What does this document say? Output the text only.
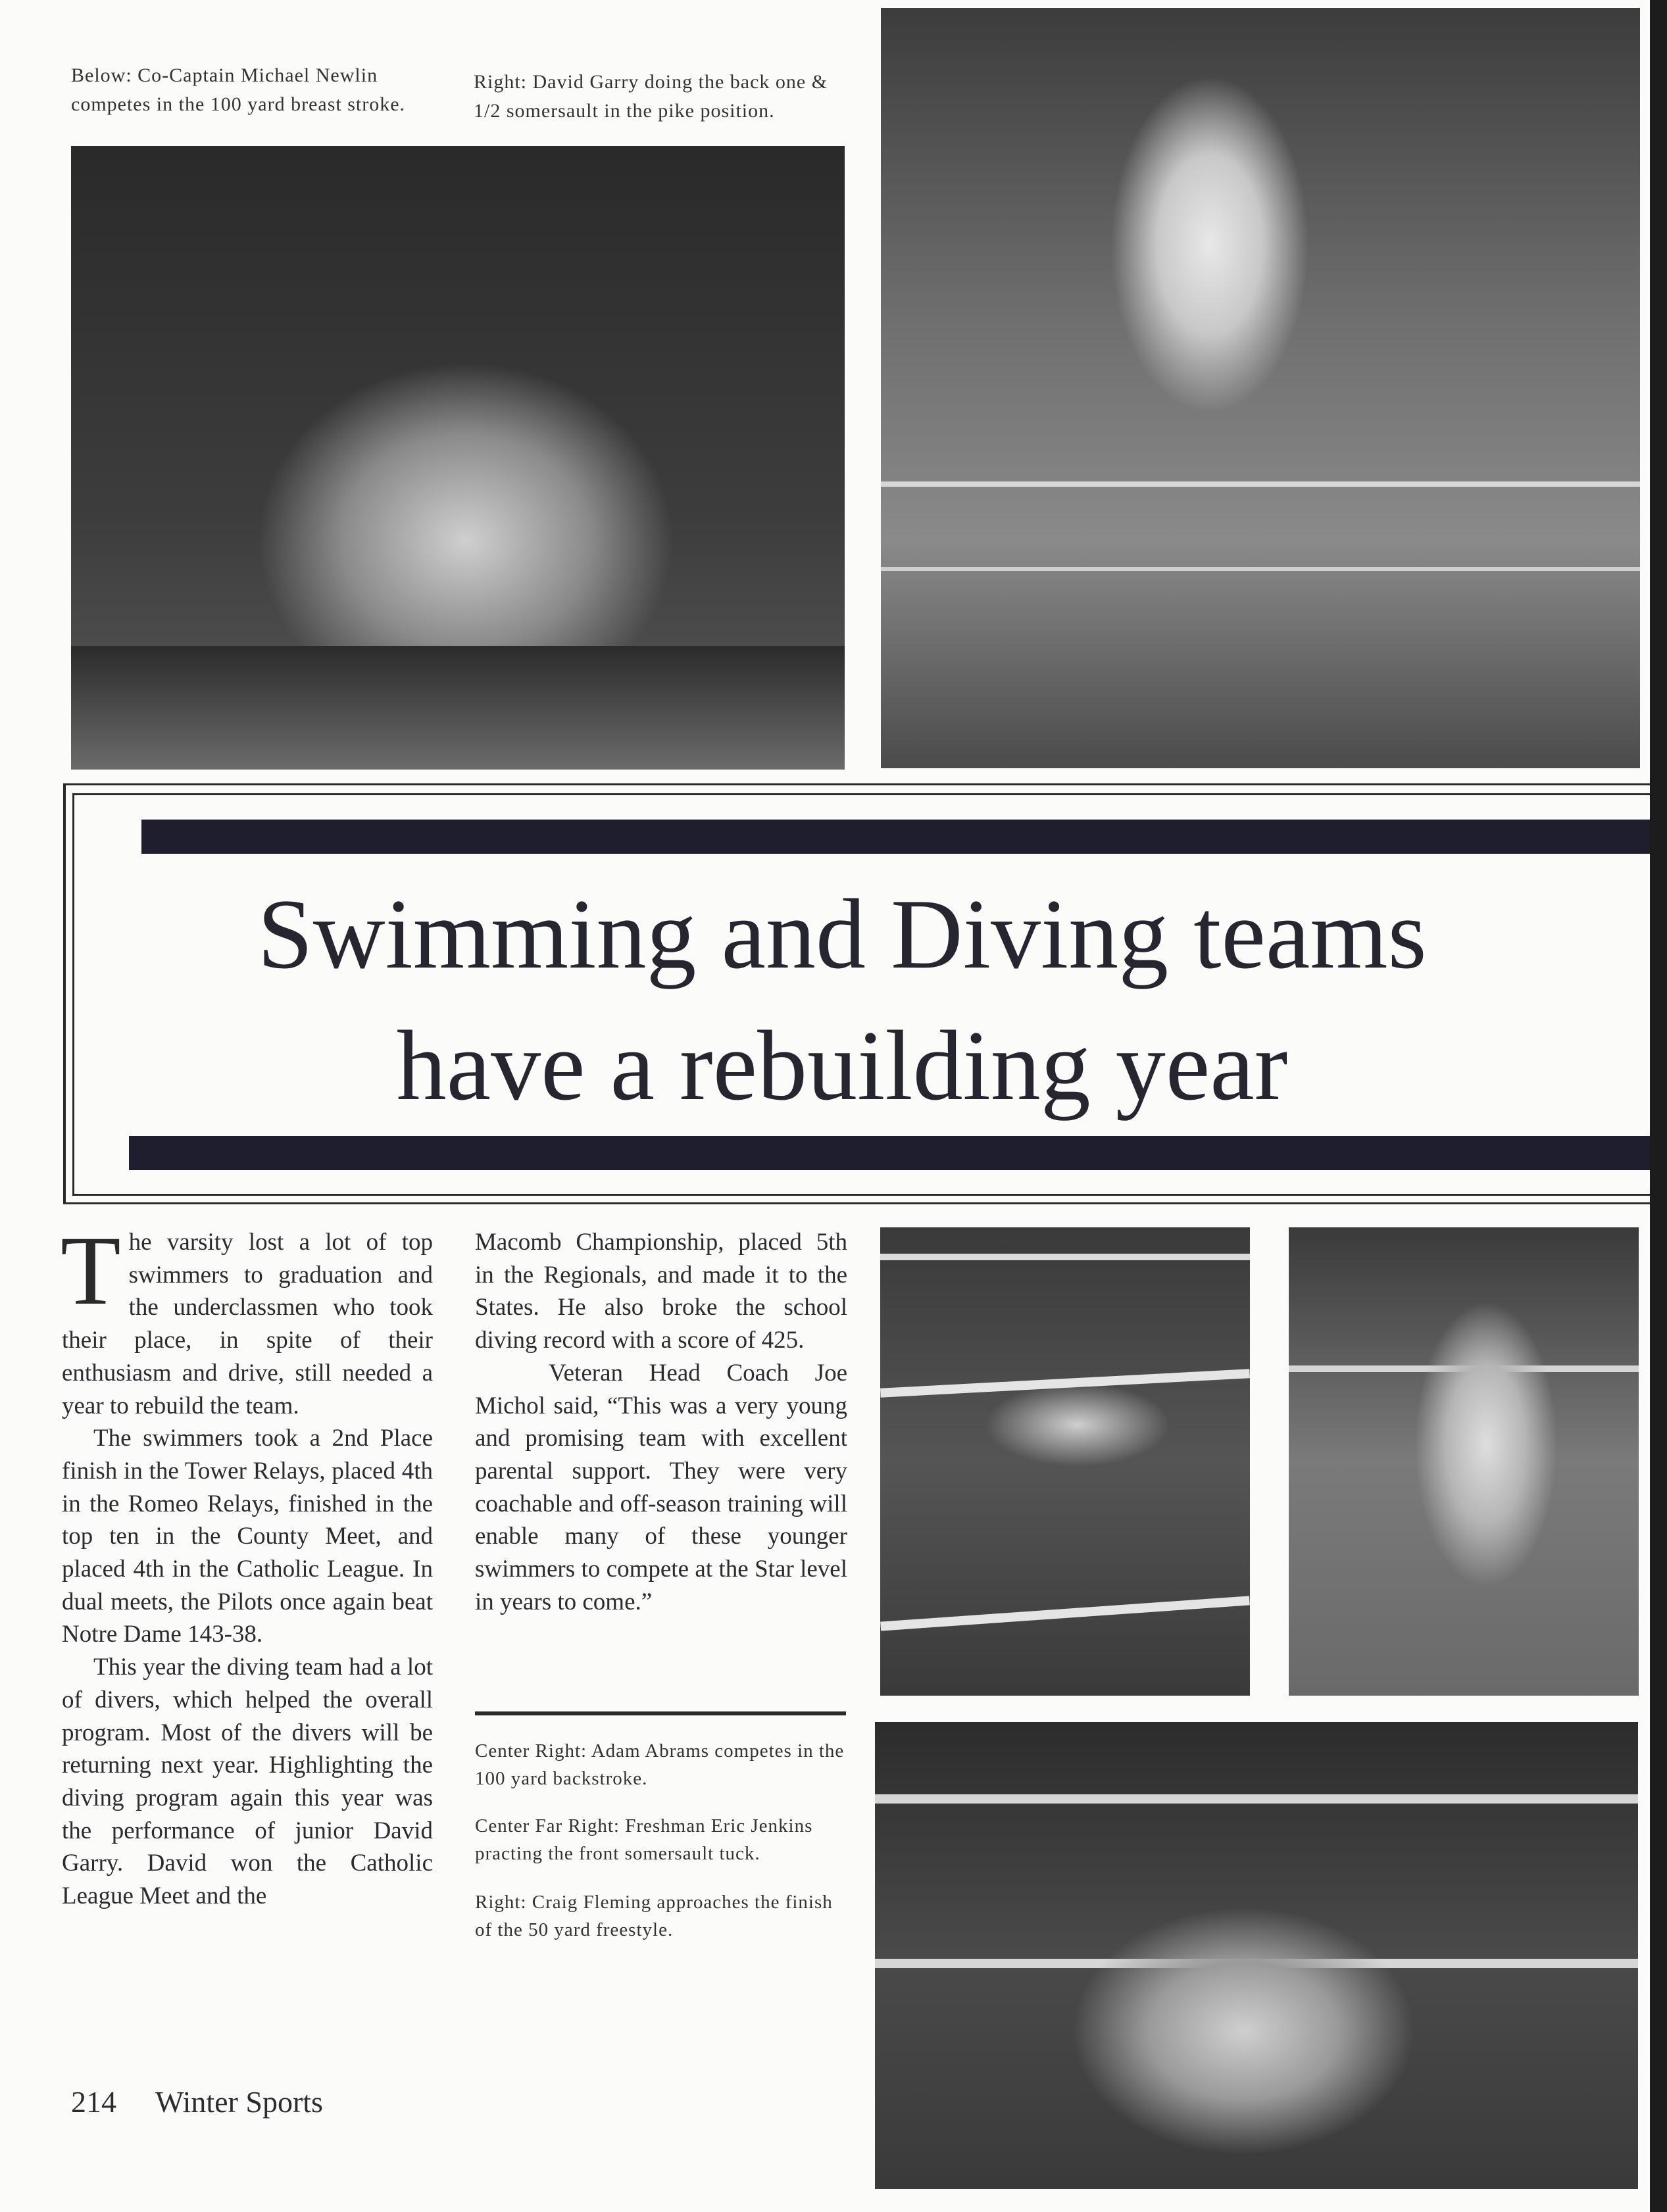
Below: Co-Captain Michael Newlin competes in the 100 yard breast stroke.
Right: David Garry doing the back one & 1/2 somersault in the pike position.
Swimming and Diving teams
have a rebuilding year

The varsity lost a lot of top swimmers to graduation and the underclassmen who took their place, in spite of their enthusiasm and drive, still needed a year to rebuild the team.

The swimmers took a 2nd Place finish in the Tower Relays, placed 4th in the Romeo Relays, finished in the top ten in the County Meet, and placed 4th in the Catholic League. In dual meets, the Pilots once again beat Notre Dame 143-38.

This year the diving team had a lot of divers, which helped the overall program. Most of the divers will be returning next year. Highlighting the diving program again this year was the performance of junior David Garry. David won the Catholic League Meet and the

Macomb Championship, placed 5th in the Regionals, and made it to the States. He also broke the school diving record with a score of 425.

Veteran Head Coach Joe Michol said, “This was a very young and promising team with excellent parental support. They were very coachable and off-season training will enable many of these younger swimmers to compete at the Star level in years to come.”

Center Right: Adam Abrams competes in the 100 yard backstroke.
Center Far Right: Freshman Eric Jenkins practing the front somersault tuck.
Right: Craig Fleming approaches the finish of the 50 yard freestyle.
214 Winter Sports
